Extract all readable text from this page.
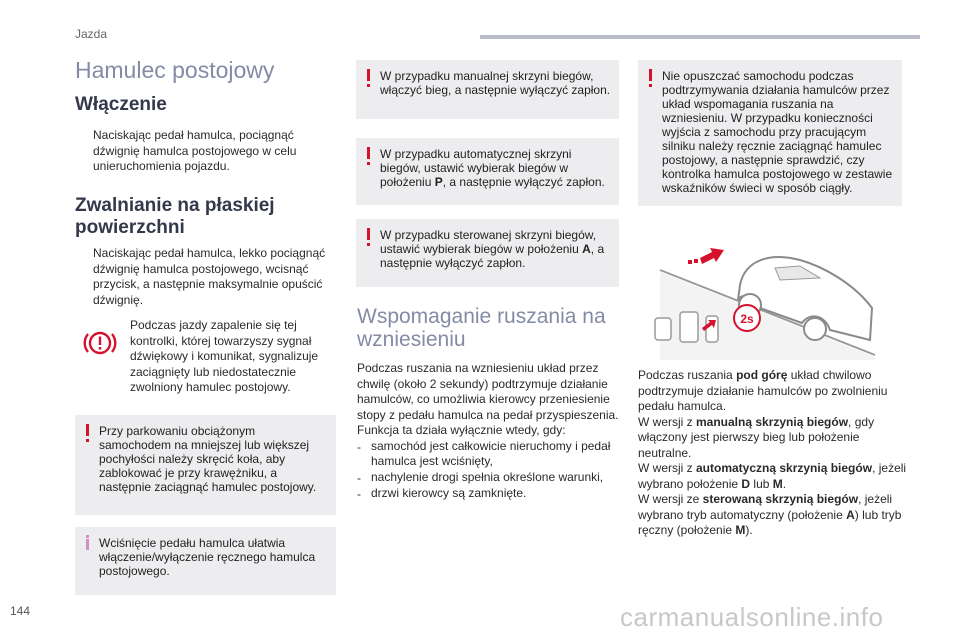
Jazda
Hamulec postojowy
Włączenie

Naciskając pedał hamulca, pociągnąć dźwignię hamulca postojowego w celu unieruchomienia pojazdu.

Zwalnianie na płaskiej powierzchni

Naciskając pedał hamulca, lekko pociągnąć dźwignię hamulca postojowego, wcisnąć przycisk, a następnie maksymalnie opuścić dźwignię.

Podczas jazdy zapalenie się tej kontrolki, której towarzyszy sygnał dźwiękowy i komunikat, sygnalizuje zaciągnięty lub niedostatecznie zwolniony hamulec postojowy.

Przy parkowaniu obciążonym samochodem na mniejszej lub większej pochyłości należy skręcić koła, aby zablokować je przy krawężniku, a następnie zaciągnąć hamulec postojowy.
Wciśnięcie pedału hamulca ułatwia włączenie/wyłączenie ręcznego hamulca postojowego.
W przypadku manualnej skrzyni biegów, włączyć bieg, a następnie wyłączyć zapłon.
W przypadku automatycznej skrzyni biegów, ustawić wybierak biegów w położeniu P, a następnie wyłączyć zapłon.
W przypadku sterowanej skrzyni biegów, ustawić wybierak biegów w położeniu A, a następnie wyłączyć zapłon.
Wspomaganie ruszania na wzniesieniu

Podczas ruszania na wzniesieniu układ przez chwilę (około 2 sekundy) podtrzymuje działanie hamulców, co umożliwia kierowcy przeniesienie stopy z pedału hamulca na pedał przyspieszenia.

Funkcja ta działa wyłącznie wtedy, gdy:

- samochód jest całkowicie nieruchomy i pedał hamulca jest wciśnięty,
- nachylenie drogi spełnia określone warunki,
- drzwi kierowcy są zamknięte.
Nie opuszczać samochodu podczas podtrzymywania działania hamulców przez układ wspomagania ruszania na wzniesieniu. W przypadku konieczności wyjścia z samochodu przy pracującym silniku należy ręcznie zaciągnąć hamulec postojowy, a następnie sprawdzić, czy kontrolka hamulca postojowego w zestawie wskaźników świeci w sposób ciągły.
2s

Podczas ruszania pod górę układ chwilowo podtrzymuje działanie hamulców po zwolnieniu pedału hamulca.

W wersji z manualną skrzynią biegów, gdy włączony jest pierwszy bieg lub położenie neutralne.

W wersji z automatyczną skrzynią biegów, jeżeli wybrano położenie D lub M.

W wersji ze sterowaną skrzynią biegów, jeżeli wybrano tryb automatyczny (położenie A) lub tryb ręczny (położenie M).

144	carmanualsonline.info
